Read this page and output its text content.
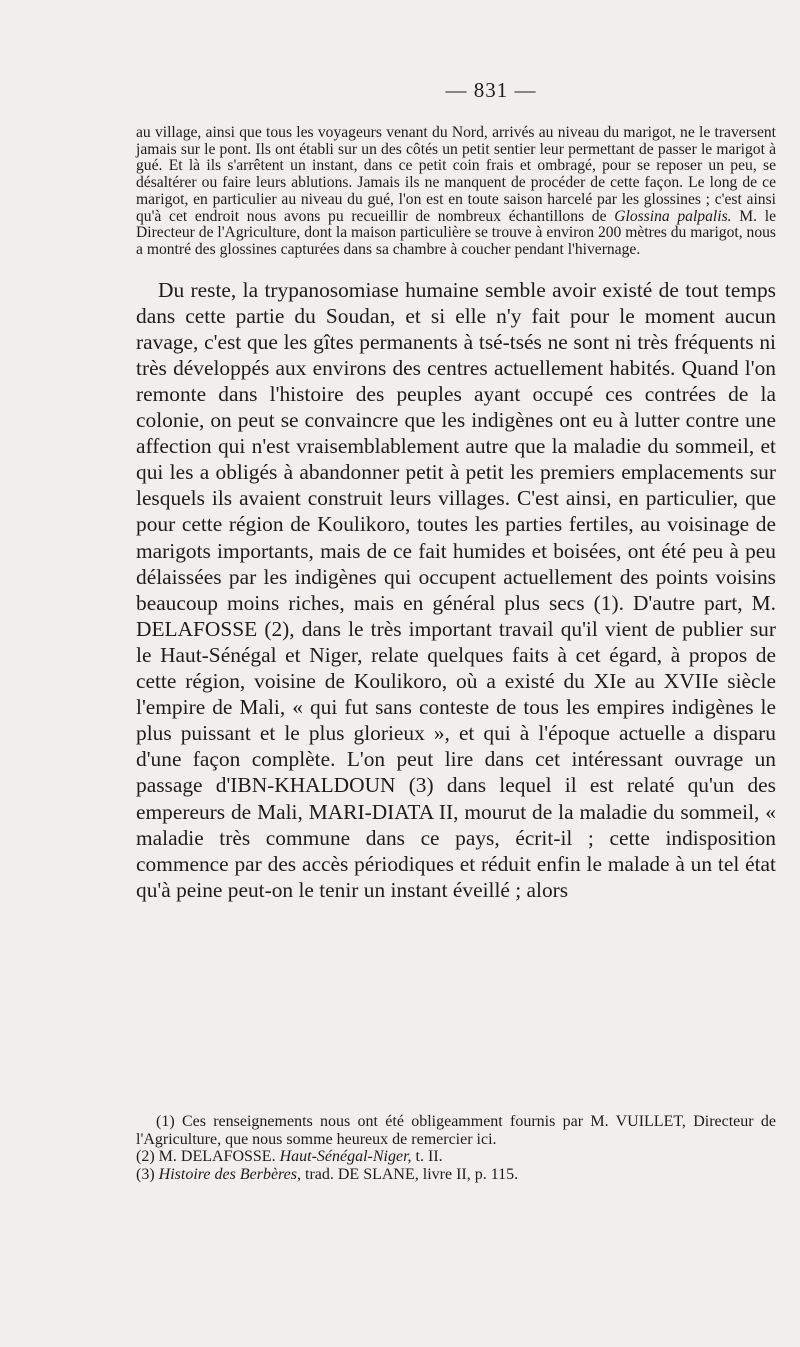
— 831 —

au village, ainsi que tous les voyageurs venant du Nord, arrivés au niveau du marigot, ne le traversent jamais sur le pont. Ils ont établi sur un des côtés un petit sentier leur permettant de passer le marigot à gué. Et là ils s'arrêtent un instant, dans ce petit coin frais et ombragé, pour se reposer un peu, se désaltérer ou faire leurs ablutions. Jamais ils ne manquent de procéder de cette façon. Le long de ce marigot, en particulier au niveau du gué, l'on est en toute saison harcelé par les glossines ; c'est ainsi qu'à cet endroit nous avons pu recueillir de nombreux échantillons de Glossina palpalis. M. le Directeur de l'Agriculture, dont la maison particulière se trouve à environ 200 mètres du marigot, nous a montré des glossines capturées dans sa chambre à coucher pendant l'hivernage.

Du reste, la trypanosomiase humaine semble avoir existé de tout temps dans cette partie du Soudan, et si elle n'y fait pour le moment aucun ravage, c'est que les gîtes permanents à tsé-tsés ne sont ni très fréquents ni très développés aux environs des centres actuellement habités. Quand l'on remonte dans l'histoire des peuples ayant occupé ces contrées de la colonie, on peut se convaincre que les indigènes ont eu à lutter contre une affection qui n'est vraisemblablement autre que la maladie du sommeil, et qui les a obligés à abandonner petit à petit les premiers emplacements sur lesquels ils avaient construit leurs villages. C'est ainsi, en particulier, que pour cette région de Koulikoro, toutes les parties fertiles, au voisinage de marigots importants, mais de ce fait humides et boisées, ont été peu à peu délaissées par les indigènes qui occupent actuellement des points voisins beaucoup moins riches, mais en général plus secs (1). D'autre part, M. DELAFOSSE (2), dans le très important travail qu'il vient de publier sur le Haut-Sénégal et Niger, relate quelques faits à cet égard, à propos de cette région, voisine de Koulikoro, où a existé du XIe au XVIIe siècle l'empire de Mali, « qui fut sans conteste de tous les empires indigènes le plus puissant et le plus glorieux », et qui à l'époque actuelle a disparu d'une façon complète. L'on peut lire dans cet intéressant ouvrage un passage d'IBN-KHALDOUN (3) dans lequel il est relaté qu'un des empereurs de Mali, MARI-DIATA II, mourut de la maladie du sommeil, « maladie très commune dans ce pays, écrit-il ; cette indisposition commence par des accès périodiques et réduit enfin le malade à un tel état qu'à peine peut-on le tenir un instant éveillé ; alors

(1) Ces renseignements nous ont été obligeamment fournis par M. VUILLET, Directeur de l'Agriculture, que nous somme heureux de remercier ici.

(2) M. DELAFOSSE. Haut-Sénégal-Niger, t. II.

(3) Histoire des Berbères, trad. DE SLANE, livre II, p. 115.
